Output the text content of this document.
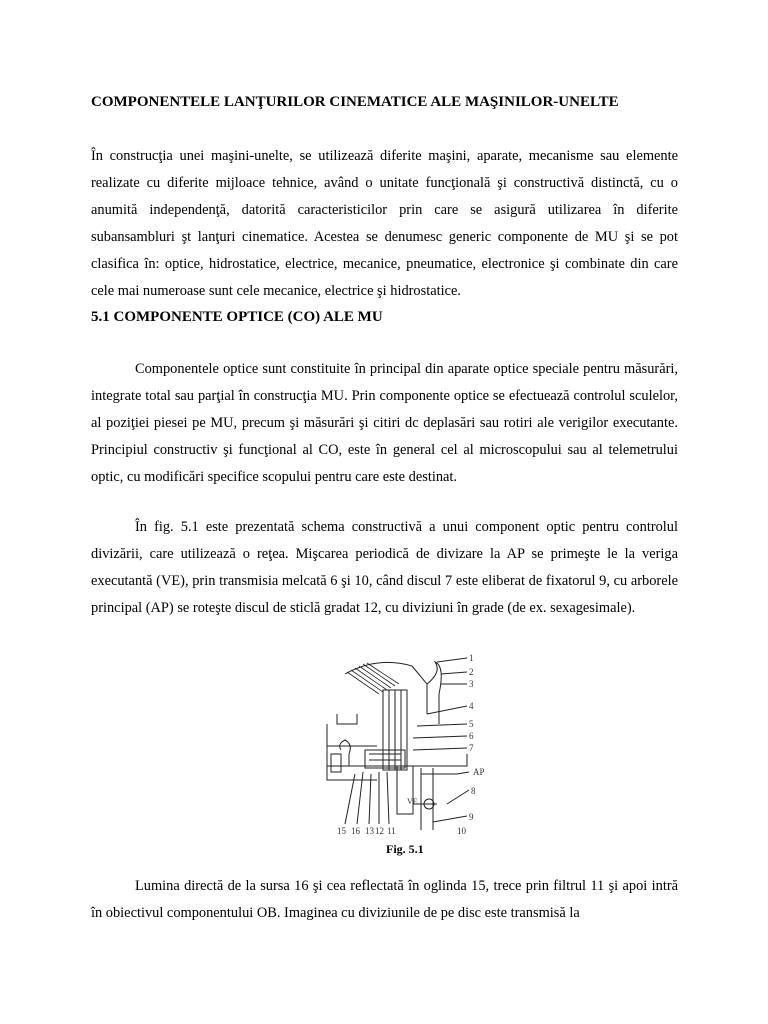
COMPONENTELE LANŢURILOR CINEMATICE ALE MAŞINILOR-UNELTE

În construcţia unei maşini-unelte, se utilizează diferite maşini, aparate, mecanisme sau elemente realizate cu diferite mijloace tehnice, având o unitate funcţională şi constructivă distinctă, cu o anumită independenţă, datorită caracteristicilor prin care se asigură utilizarea în diferite subansambluri şt lanţuri cinematice. Acestea se denumesc generic componente de MU şi se pot clasifica în: optice, hidrostatice, electrice, mecanice, pneumatice, electronice şi combinate din care cele mai numeroase sunt cele mecanice, electrice şi hidrostatice.

5.1 COMPONENTE OPTICE (CO) ALE MU

Componentele optice sunt constituite în principal din aparate optice speciale pentru măsurări, integrate total sau parţial în construcţia MU. Prin componente optice se efectuează controlul sculelor, al poziţiei piesei pe MU, precum şi măsurări şi citiri dc deplasări sau rotiri ale verigilor executante. Principiul constructiv şi funcţional al CO, este în general cel al microscopului sau al telemetrului optic, cu modificări specifice scopului pentru care este destinat.

În fig. 5.1 este prezentată schema constructivă a unui component optic pentru controlul divizării, care utilizează o reţea. Mişcarea periodică de divizare la AP se primeşte le la veriga executantă (VE), prin transmisia melcată 6 şi 10, când discul 7 este eliberat de fixatorul 9, cu arborele principal (AP) se roteşte discul de sticlă gradat 12, cu diviziuni în grade (de ex. sexagesimale).

Lumina directă de la sursa 16 şi cea reflectată în oglinda 15, trece prin filtrul 11 şi apoi intră în obiectivul componentului OB. Imaginea cu diviziunile de pe disc este transmisă la

1
2
3
4
5
6
7
AP
8
9
10
VE
15 16 13 12 11
Fig. 5.1
